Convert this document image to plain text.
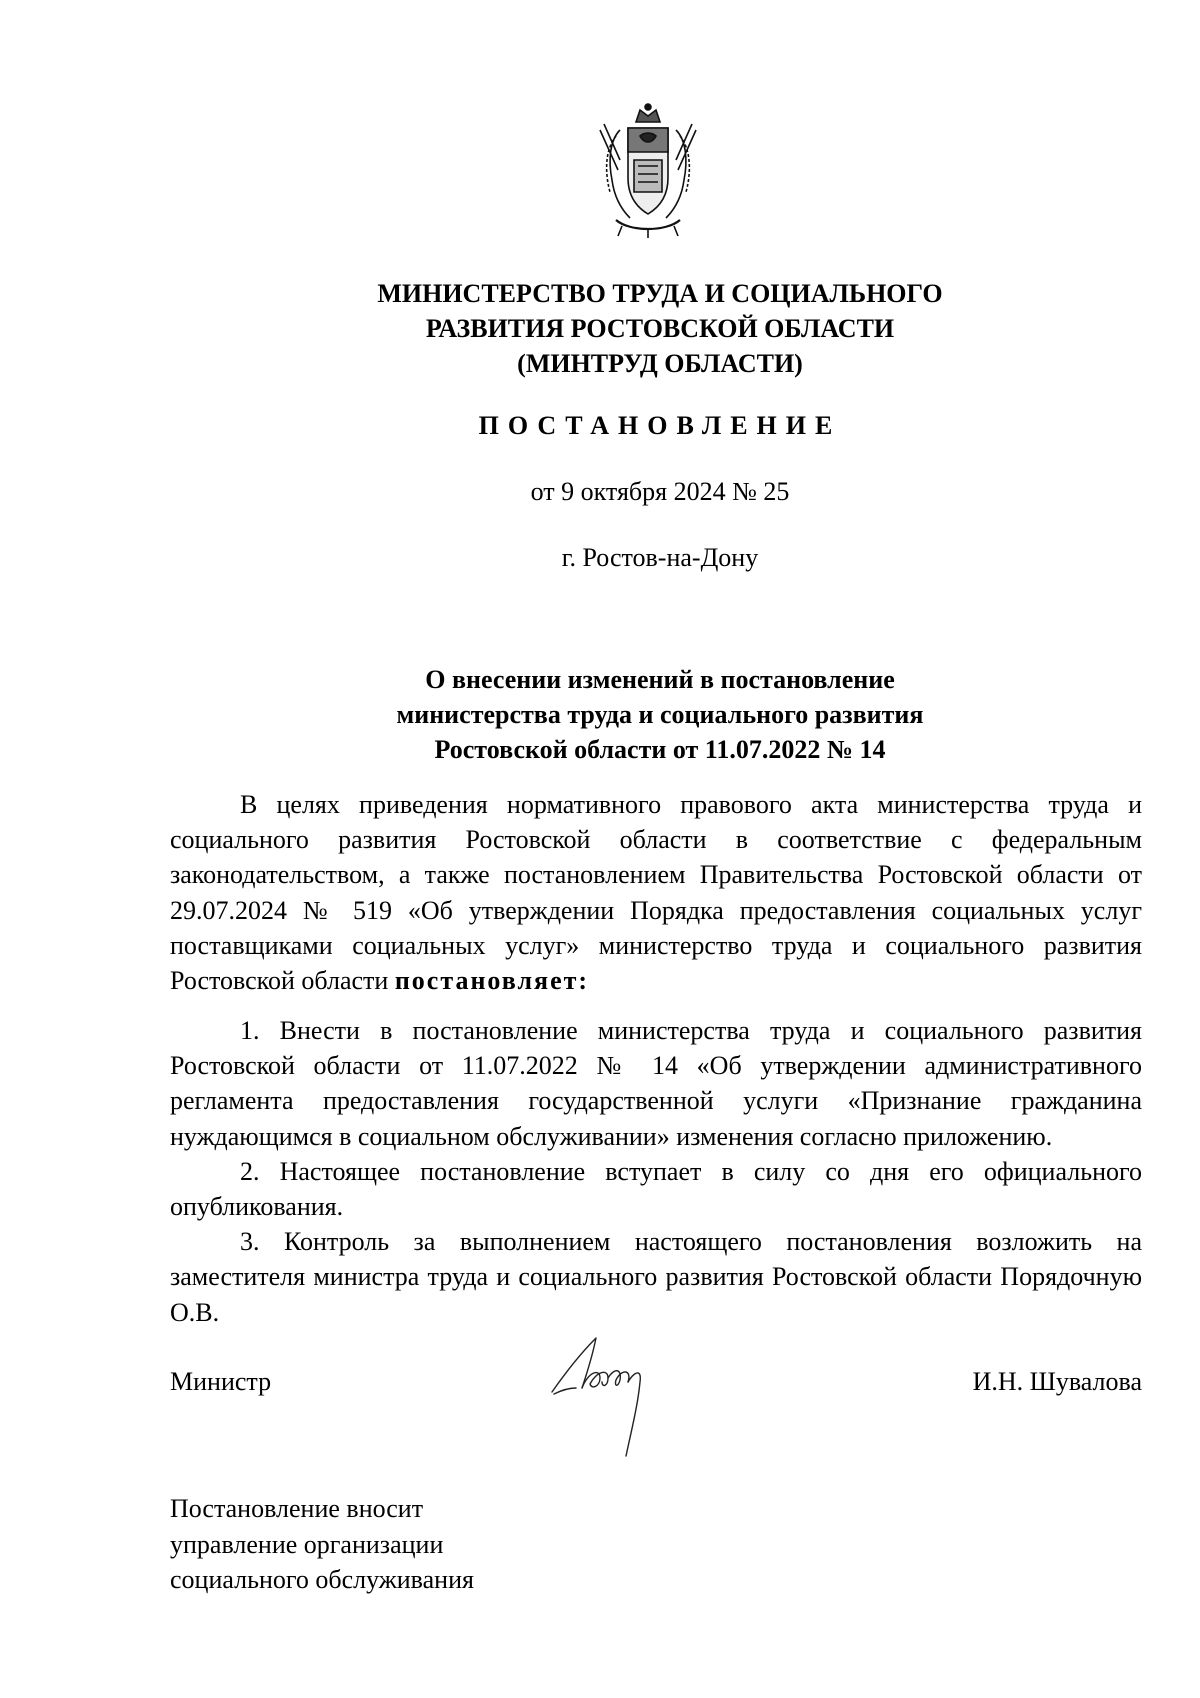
МИНИСТЕРСТВО ТРУДА И СОЦИАЛЬНОГО
РАЗВИТИЯ РОСТОВСКОЙ ОБЛАСТИ
(МИНТРУД ОБЛАСТИ)
ПОСТАНОВЛЕНИЕ
от 9 октября 2024 № 25
г. Ростов-на-Дону
О внесении изменений в постановление
министерства труда и социального развития
Ростовской области от 11.07.2022 № 14

В целях приведения нормативного правового акта министерства труда и социального развития Ростовской области в соответствие с федеральным законодательством, а также постановлением Правительства Ростовской области от 29.07.2024 № 519 «Об утверждении Порядка предоставления социальных услуг поставщиками социальных услуг» министерство труда и социального развития Ростовской области постановляет:

1. Внести в постановление министерства труда и социального развития Ростовской области от 11.07.2022 № 14 «Об утверждении административного регламента предоставления государственной услуги «Признание гражданина нуждающимся в социальном обслуживании» изменения согласно приложению.

2. Настоящее постановление вступает в силу со дня его официального опубликования.

3. Контроль за выполнением настоящего постановления возложить на заместителя министра труда и социального развития Ростовской области Порядочную О.В.

Министр	И.Н. Шувалова
Постановление вносит
управление организации
социального обслуживания
